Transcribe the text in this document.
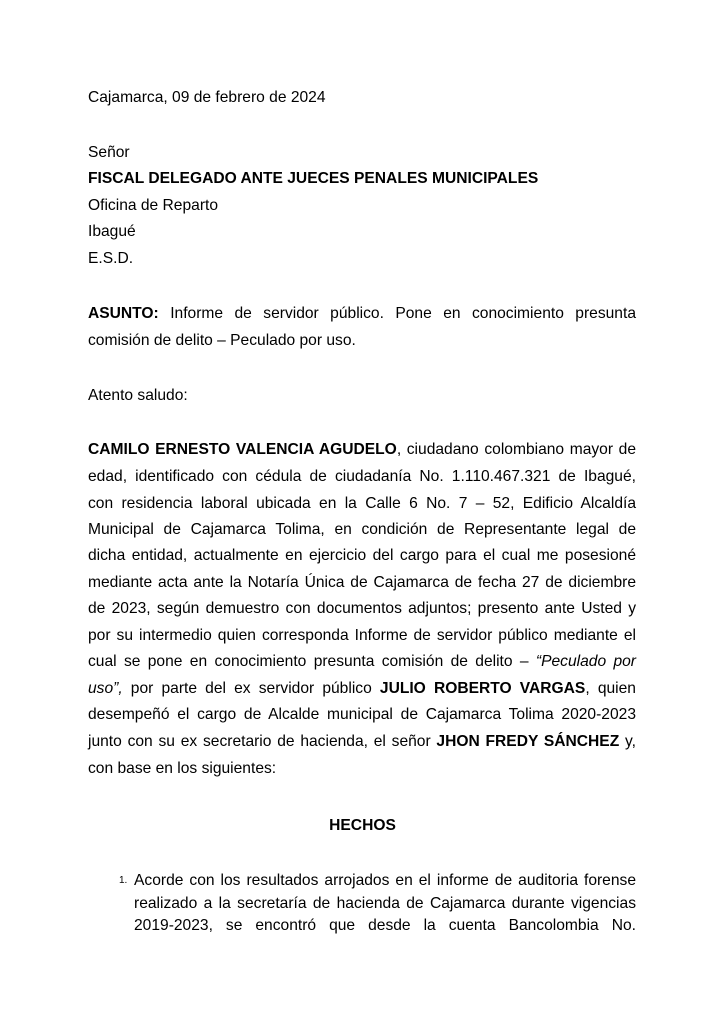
Cajamarca, 09 de febrero de 2024
Señor
FISCAL DELEGADO ANTE JUECES PENALES MUNICIPALES
Oficina de Reparto
Ibagué
E.S.D.
ASUNTO: Informe de servidor público. Pone en conocimiento presunta
comisión de delito – Peculado por uso.
Atento saludo:
CAMILO ERNESTO VALENCIA AGUDELO, ciudadano colombiano mayor de
edad, identificado con cédula de ciudadanía No. 1.110.467.321 de Ibagué,
con residencia laboral ubicada en la Calle 6 No. 7 – 52, Edificio Alcaldía
Municipal de Cajamarca Tolima, en condición de Representante legal de
dicha entidad, actualmente en ejercicio del cargo para el cual me posesioné
mediante acta ante la Notaría Única de Cajamarca de fecha 27 de diciembre
de 2023, según demuestro con documentos adjuntos; presento ante Usted y
por su intermedio quien corresponda Informe de servidor público mediante el
cual se pone en conocimiento presunta comisión de delito – “Peculado por
uso”, por parte del ex servidor público JULIO ROBERTO VARGAS, quien
desempeñó el cargo de Alcalde municipal de Cajamarca Tolima 2020-2023
junto con su ex secretario de hacienda, el señor JHON FREDY SÁNCHEZ y,
con base en los siguientes:
HECHOS
1. Acorde con los resultados arrojados en el informe de auditoria forense
realizado a la secretaría de hacienda de Cajamarca durante vigencias
2019-2023, se encontró que desde la cuenta Bancolombia No.
